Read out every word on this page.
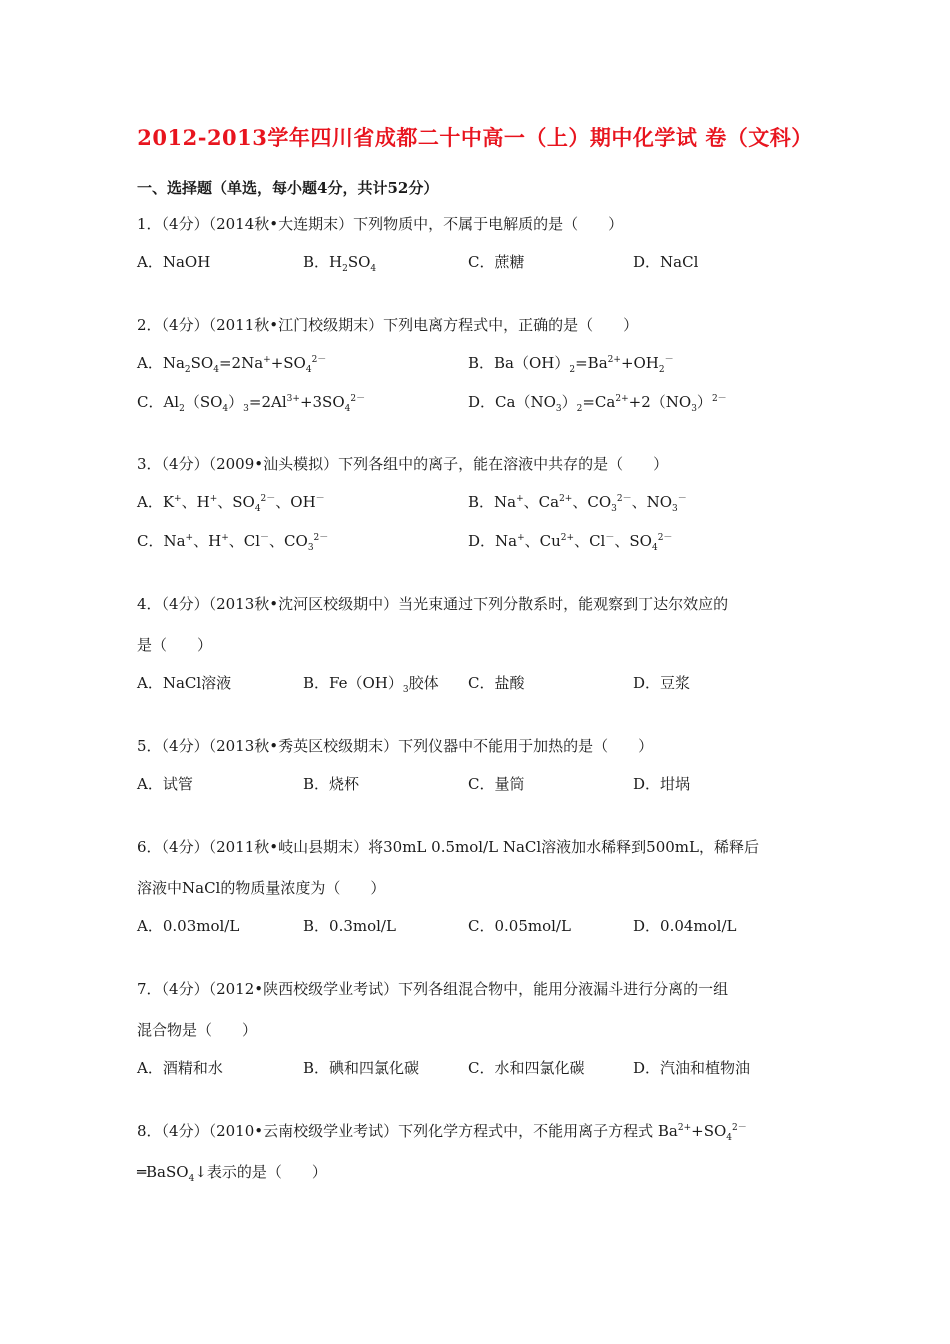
2012-2013学年四川省成都二十中高一（上）期中化学试 卷（文科）
一、选择题（单选，每小题4分，共计52分）
1．（4分）（2014秋•大连期末）下列物质中，不属于电解质的是（　　）
A．NaOH	B．$H_2SO_4$	C．蔗糖	D．NaCl
2．（4分）（2011秋•江门校级期末）下列电离方程式中，正确的是（　　）
A．$Na_2SO_4=2Na^++SO_4^{2-}$	B．$Ba(OH)_2=Ba^{2+}+OH_2^-$
C．$Al_2(SO_4)_3=2Al^{3+}+3SO_4^{2-}$	D．$Ca(NO_3)_2=Ca^{2+}+2(NO_3)^{2-}$
3．（4分）（2009•汕头模拟）下列各组中的离子，能在溶液中共存的是（　　）
A．K+、H+、$SO_4^{2-}$、OH－	B．Na+、$Ca^{2+}$、$CO_3^{2-}$、$NO_3^-$
C．Na+、H+、Cl－、$CO_3^{2-}$	D．Na+、$Cu^{2+}$、Cl－、$SO_4^{2-}$
4．（4分）（2013秋•沈河区校级期中）当光束通过下列分散系时，能观察到丁达尔效应的
是（　　）
A．NaCl溶液	B．$Fe(OH)_3$胶体 C．盐酸	D．豆浆
5．（4分）（2013秋•秀英区校级期末）下列仪器中不能用于加热的是（　　）
A．试管	B．烧杯	C．量筒	D．坩埚
6．（4分）（2011秋•岐山县期末）将30mL 0.5mol/L NaCl溶液加水稀释到500mL，稀释后
溶液中NaCl的物质量浓度为（　　）
A．0.03mol/L	B．0.3mol/L	C．0.05mol/L	D．0.04mol/L
7．（4分）（2012•陕西校级学业考试）下列各组混合物中，能用分液漏斗进行分离的一组
混合物是（　　）
A．酒精和水	B．碘和四氯化碳	C．水和四氯化碳	D．汽油和植物油
8．（4分）（2010•云南校级学业考试）下列化学方程式中，不能用离子方程式 $Ba^{2+}+SO_4^{2-}$
═BaSO$_4$↓表示的是（　　）
